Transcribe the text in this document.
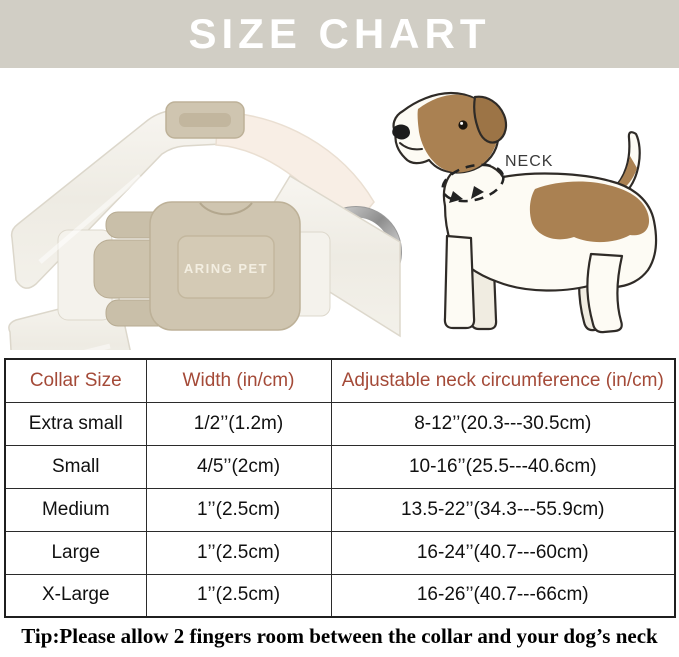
SIZE CHART
ARING PET
NECK
Collar Size	Width (in/cm)	Adjustable neck circumference (in/cm)
Extra small	1/2’’(1.2m)	8-12’’(20.3---30.5cm)
Small	4/5’’(2cm)	10-16’’(25.5---40.6cm)
Medium	1’’(2.5cm)	13.5-22’’(34.3---55.9cm)
Large	1’’(2.5cm)	16-24’’(40.7---60cm)
X-Large	1’’(2.5cm)	16-26’’(40.7---66cm)

Tip:Please allow 2 fingers room between the collar and your dog’s neck
